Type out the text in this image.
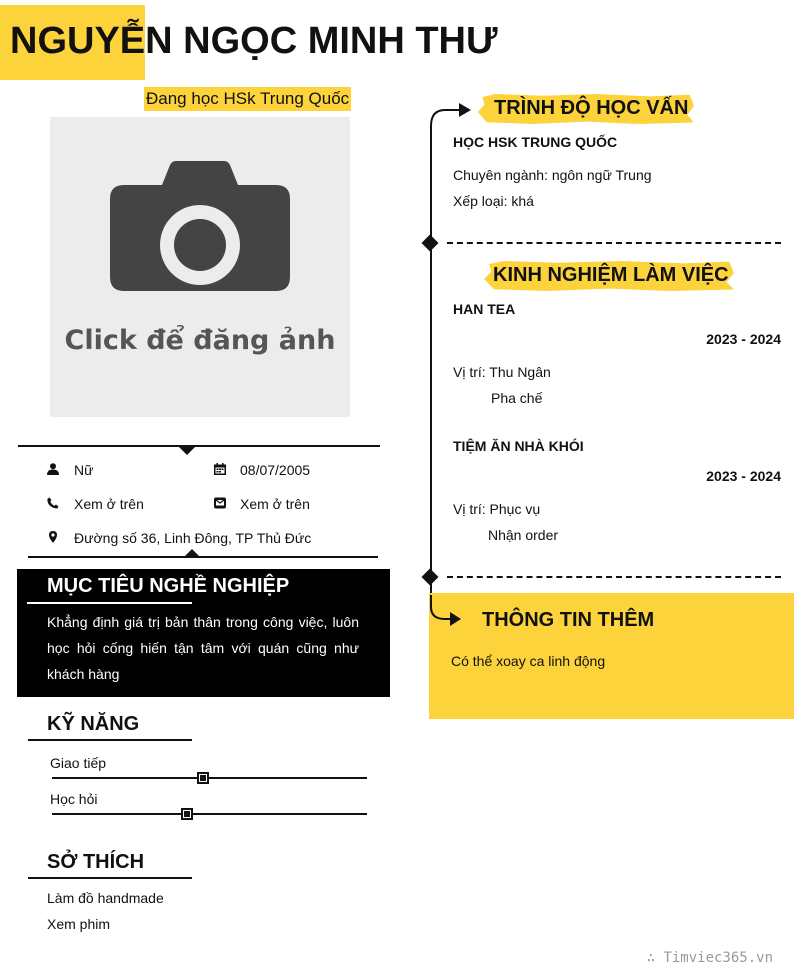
NGUYỄN NGỌC MINH THƯ
Đang học HSk Trung Quốc
Click để đăng ảnh
Nữ	08/07/2005
Xem ở trên	Xem ở trên
Đường số 36, Linh Đông, TP Thủ Đức
MỤC TIÊU NGHỀ NGHIỆP
Khẳng định giá trị bản thân trong công việc, luôn học hỏi cống hiến tận tâm với quán cũng như khách hàng
KỸ NĂNG
Giao tiếp
Học hỏi
SỞ THÍCH
Làm đồ handmade
Xem phim
TRÌNH ĐỘ HỌC VẤN
HỌC HSK TRUNG QUỐC
Chuyên ngành: ngôn ngữ Trung
Xếp loại: khá
KINH NGHIỆM LÀM VIỆC
HAN TEA
2023 - 2024
Vị trí: Thu Ngân
Pha chế
TIỆM ĂN NHÀ KHÓI
2023 - 2024
Vị trí: Phục vụ
Nhận order
THÔNG TIN THÊM
Có thể xoay ca linh động
∴ Timviec365.vn
